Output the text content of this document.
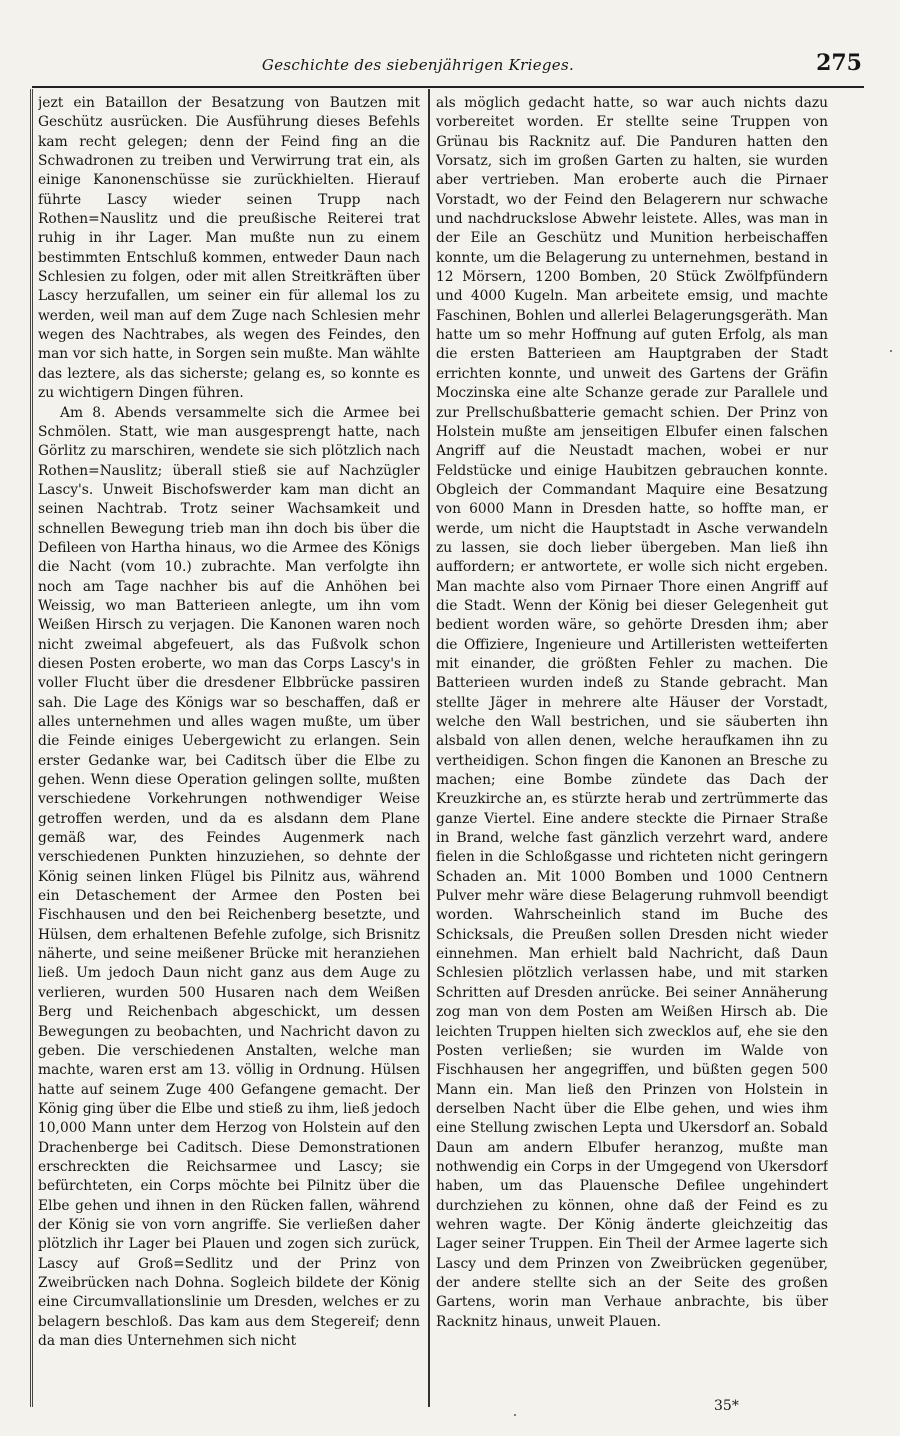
Geschichte des siebenjährigen Krieges.	275

jezt ein Bataillon der Besatzung von Bautzen mit Geschütz ausrücken. Die Ausführung dieses Befehls kam recht gelegen; denn der Feind fing an die Schwadronen zu treiben und Verwirrung trat ein, als einige Kanonenschüsse sie zurückhielten. Hierauf führte Lascy wieder seinen Trupp nach Rothen=Nauslitz und die preußische Reiterei trat ruhig in ihr Lager. Man mußte nun zu einem bestimmten Entschluß kommen, entweder Daun nach Schlesien zu folgen, oder mit allen Streitkräften über Lascy herzufallen, um seiner ein für allemal los zu werden, weil man auf dem Zuge nach Schlesien mehr wegen des Nachtrabes, als wegen des Feindes, den man vor sich hatte, in Sorgen sein mußte. Man wählte das leztere, als das sicherste; gelang es, so konnte es zu wichtigern Dingen führen.

Am 8. Abends versammelte sich die Armee bei Schmölen. Statt, wie man ausgesprengt hatte, nach Görlitz zu marschiren, wendete sie sich plötzlich nach Rothen=Nauslitz; überall stieß sie auf Nachzügler Lascy's. Unweit Bischofswerder kam man dicht an seinen Nachtrab. Trotz seiner Wachsamkeit und schnellen Bewegung trieb man ihn doch bis über die Defileen von Hartha hinaus, wo die Armee des Königs die Nacht (vom 10.) zubrachte. Man verfolgte ihn noch am Tage nachher bis auf die Anhöhen bei Weissig, wo man Batterieen anlegte, um ihn vom Weißen Hirsch zu verjagen. Die Kanonen waren noch nicht zweimal abgefeuert, als das Fußvolk schon diesen Posten eroberte, wo man das Corps Lascy's in voller Flucht über die dresdener Elbbrücke passiren sah. Die Lage des Königs war so beschaffen, daß er alles unternehmen und alles wagen mußte, um über die Feinde einiges Uebergewicht zu erlangen. Sein erster Gedanke war, bei Caditsch über die Elbe zu gehen. Wenn diese Operation gelingen sollte, mußten verschiedene Vorkehrungen nothwendiger Weise getroffen werden, und da es alsdann dem Plane gemäß war, des Feindes Augenmerk nach verschiedenen Punkten hinzuziehen, so dehnte der König seinen linken Flügel bis Pilnitz aus, während ein Detaschement der Armee den Posten bei Fischhausen und den bei Reichenberg besetzte, und Hülsen, dem erhaltenen Befehle zufolge, sich Brisnitz näherte, und seine meißener Brücke mit heranziehen ließ. Um jedoch Daun nicht ganz aus dem Auge zu verlieren, wurden 500 Husaren nach dem Weißen Berg und Reichenbach abgeschickt, um dessen Bewegungen zu beobachten, und Nachricht davon zu geben. Die verschiedenen Anstalten, welche man machte, waren erst am 13. völlig in Ordnung. Hülsen hatte auf seinem Zuge 400 Gefangene gemacht. Der König ging über die Elbe und stieß zu ihm, ließ jedoch 10,000 Mann unter dem Herzog von Holstein auf den Drachenberge bei Caditsch. Diese Demonstrationen erschreckten die Reichsarmee und Lascy; sie befürchteten, ein Corps möchte bei Pilnitz über die Elbe gehen und ihnen in den Rücken fallen, während der König sie von vorn angriffe. Sie verließen daher plötzlich ihr Lager bei Plauen und zogen sich zurück, Lascy auf Groß=Sedlitz und der Prinz von Zweibrücken nach Dohna. Sogleich bildete der König eine Circumvallationslinie um Dresden, welches er zu belagern beschloß. Das kam aus dem Stegereif; denn da man dies Unternehmen sich nicht

als möglich gedacht hatte, so war auch nichts dazu vorbereitet worden. Er stellte seine Truppen von Grünau bis Racknitz auf. Die Panduren hatten den Vorsatz, sich im großen Garten zu halten, sie wurden aber vertrieben. Man eroberte auch die Pirnaer Vorstadt, wo der Feind den Belagerern nur schwache und nachdruckslose Abwehr leistete. Alles, was man in der Eile an Geschütz und Munition herbeischaffen konnte, um die Belagerung zu unternehmen, bestand in 12 Mörsern, 1200 Bomben, 20 Stück Zwölfpfündern und 4000 Kugeln. Man arbeitete emsig, und machte Faschinen, Bohlen und allerlei Belagerungsgeräth. Man hatte um so mehr Hoffnung auf guten Erfolg, als man die ersten Batterieen am Hauptgraben der Stadt errichten konnte, und unweit des Gartens der Gräfin Moczinska eine alte Schanze gerade zur Parallele und zur Prellschußbatterie gemacht schien. Der Prinz von Holstein mußte am jenseitigen Elbufer einen falschen Angriff auf die Neustadt machen, wobei er nur Feldstücke und einige Haubitzen gebrauchen konnte. Obgleich der Commandant Maquire eine Besatzung von 6000 Mann in Dresden hatte, so hoffte man, er werde, um nicht die Hauptstadt in Asche verwandeln zu lassen, sie doch lieber übergeben. Man ließ ihn auffordern; er antwortete, er wolle sich nicht ergeben. Man machte also vom Pirnaer Thore einen Angriff auf die Stadt. Wenn der König bei dieser Gelegenheit gut bedient worden wäre, so gehörte Dresden ihm; aber die Offiziere, Ingenieure und Artilleristen wetteiferten mit einander, die größten Fehler zu machen. Die Batterieen wurden indeß zu Stande gebracht. Man stellte Jäger in mehrere alte Häuser der Vorstadt, welche den Wall bestrichen, und sie säuberten ihn alsbald von allen denen, welche heraufkamen ihn zu vertheidigen. Schon fingen die Kanonen an Bresche zu machen; eine Bombe zündete das Dach der Kreuzkirche an, es stürzte herab und zertrümmerte das ganze Viertel. Eine andere steckte die Pirnaer Straße in Brand, welche fast gänzlich verzehrt ward, andere fielen in die Schloßgasse und richteten nicht geringern Schaden an. Mit 1000 Bomben und 1000 Centnern Pulver mehr wäre diese Belagerung ruhmvoll beendigt worden. Wahrscheinlich stand im Buche des Schicksals, die Preußen sollen Dresden nicht wieder einnehmen. Man erhielt bald Nachricht, daß Daun Schlesien plötzlich verlassen habe, und mit starken Schritten auf Dresden anrücke. Bei seiner Annäherung zog man von dem Posten am Weißen Hirsch ab. Die leichten Truppen hielten sich zwecklos auf, ehe sie den Posten verließen; sie wurden im Walde von Fischhausen her angegriffen, und büßten gegen 500 Mann ein. Man ließ den Prinzen von Holstein in derselben Nacht über die Elbe gehen, und wies ihm eine Stellung zwischen Lepta und Ukersdorf an. Sobald Daun am andern Elbufer heranzog, mußte man nothwendig ein Corps in der Umgegend von Ukersdorf haben, um das Plauensche Defilee ungehindert durchziehen zu können, ohne daß der Feind es zu wehren wagte. Der König änderte gleichzeitig das Lager seiner Truppen. Ein Theil der Armee lagerte sich Lascy und dem Prinzen von Zweibrücken gegenüber, der andere stellte sich an der Seite des großen Gartens, worin man Verhaue anbrachte, bis über Racknitz hinaus, unweit Plauen.

35*
